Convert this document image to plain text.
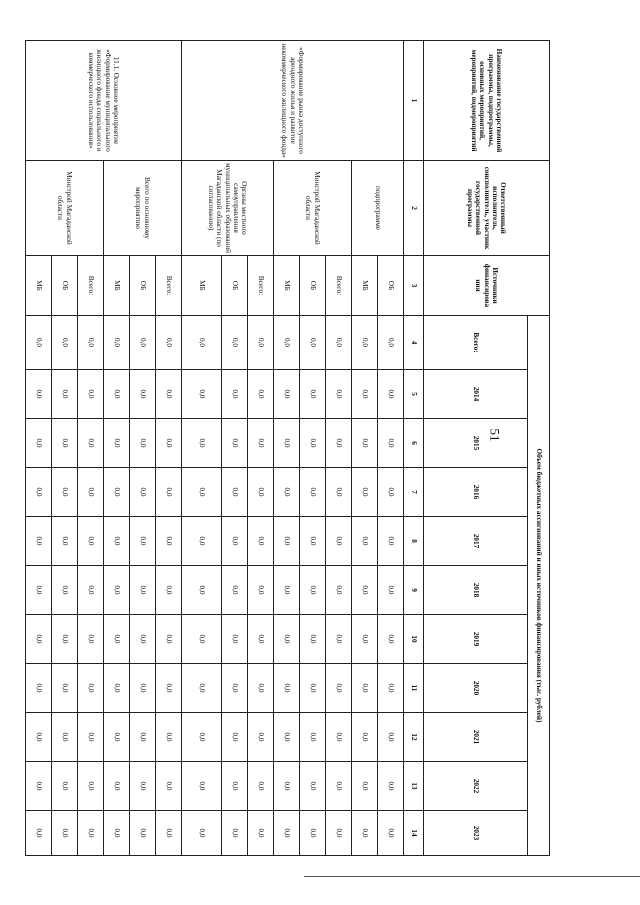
51
Наименование государственной программы, подпрограммы, основных мероприятий, мероприятий, подмероприятий	Ответственный исполнитель, соисполнитель, участник государственной программы	Источники финансирова ния	Объем бюджетных ассигнований и иных источников финансирования (тыс. рублей)										
			Всего:	2014	2015	2016	2017	2018	2019	2020	2021	2022	2023
1	2	3	4	5	6	7	8	9	10	11	12	13	14
«Формирование рынка доступного арендного жилья и развитие некоммерческого жилищного фонда»	подпрограмме	ОБ	0,0	0,0	0,0	0,0	0,0	0,0	0,0	0,0	0,0	0,0	0,0
		МБ	0,0	0,0	0,0	0,0	0,0	0,0	0,0	0,0	0,0	0,0	0,0
	Минстрой Магаданской области	Всего:	0,0	0,0	0,0	0,0	0,0	0,0	0,0	0,0	0,0	0,0	0,0
		ОБ	0,0	0,0	0,0	0,0	0,0	0,0	0,0	0,0	0,0	0,0	0,0
		МБ	0,0	0,0	0,0	0,0	0,0	0,0	0,0	0,0	0,0	0,0	0,0
	Органы местного самоуправления муниципальных образований Магаданской области (по согласованию)	Всего:	0,0	0,0	0,0	0,0	0,0	0,0	0,0	0,0	0,0	0,0	0,0
		ОБ	0,0	0,0	0,0	0,0	0,0	0,0	0,0	0,0	0,0	0,0	0,0
		МБ	0,0	0,0	0,0	0,0	0,0	0,0	0,0	0,0	0,0	0,0	0,0
11.1. Основное мероприятие «Формирование муниципального жилищного фонда социального и коммерческого использования»	Всего по основному мероприятию	Всего:	0,0	0,0	0,0	0,0	0,0	0,0	0,0	0,0	0,0	0,0	0,0
		ОБ	0,0	0,0	0,0	0,0	0,0	0,0	0,0	0,0	0,0	0,0	0,0
		МБ	0,0	0,0	0,0	0,0	0,0	0,0	0,0	0,0	0,0	0,0	0,0
	Минстрой Магаданской области	Всего:	0,0	0,0	0,0	0,0	0,0	0,0	0,0	0,0	0,0	0,0	0,0
		ОБ	0,0	0,0	0,0	0,0	0,0	0,0	0,0	0,0	0,0	0,0	0,0
		МБ	0,0	0,0	0,0	0,0	0,0	0,0	0,0	0,0	0,0	0,0	0,0
